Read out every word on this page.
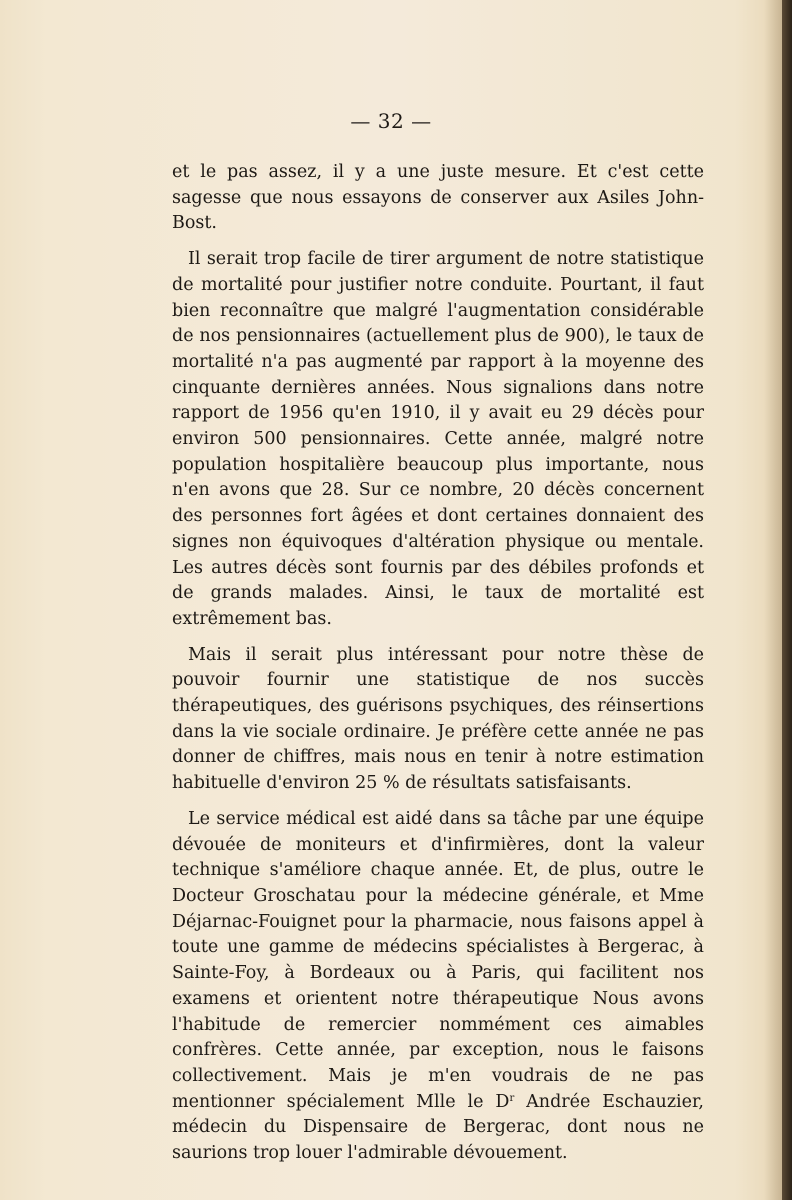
— 32 —

et le pas assez, il y a une juste mesure. Et c'est cette sagesse que nous essayons de conserver aux Asiles John-Bost.

Il serait trop facile de tirer argument de notre statistique de mortalité pour justifier notre conduite. Pourtant, il faut bien reconnaître que malgré l'augmentation considérable de nos pensionnaires (actuellement plus de 900), le taux de mortalité n'a pas augmenté par rapport à la moyenne des cinquante dernières années. Nous signalions dans notre rapport de 1956 qu'en 1910, il y avait eu 29 décès pour environ 500 pensionnaires. Cette année, malgré notre population hospitalière beaucoup plus importante, nous n'en avons que 28. Sur ce nombre, 20 décès concernent des personnes fort âgées et dont certaines donnaient des signes non équivoques d'altération physique ou mentale. Les autres décès sont fournis par des débiles profonds et de grands malades. Ainsi, le taux de mortalité est extrêmement bas.

Mais il serait plus intéressant pour notre thèse de pouvoir fournir une statistique de nos succès thérapeutiques, des guérisons psychiques, des réinsertions dans la vie sociale ordinaire. Je préfère cette année ne pas donner de chiffres, mais nous en tenir à notre estimation habituelle d'environ 25 % de résultats satisfaisants.

Le service médical est aidé dans sa tâche par une équipe dévouée de moniteurs et d'infirmières, dont la valeur technique s'améliore chaque année. Et, de plus, outre le Docteur Groschatau pour la médecine générale, et Mme Déjarnac-Fouignet pour la pharmacie, nous faisons appel à toute une gamme de médecins spécialistes à Bergerac, à Sainte-Foy, à Bordeaux ou à Paris, qui facilitent nos examens et orientent notre thérapeutique Nous avons l'habitude de remercier nommément ces aimables confrères. Cette année, par exception, nous le faisons collectivement. Mais je m'en voudrais de ne pas mentionner spécialement Mlle le $D^r$ Andrée Eschauzier, médecin du Dispensaire de Bergerac, dont nous ne saurions trop louer l'admirable dévouement.
